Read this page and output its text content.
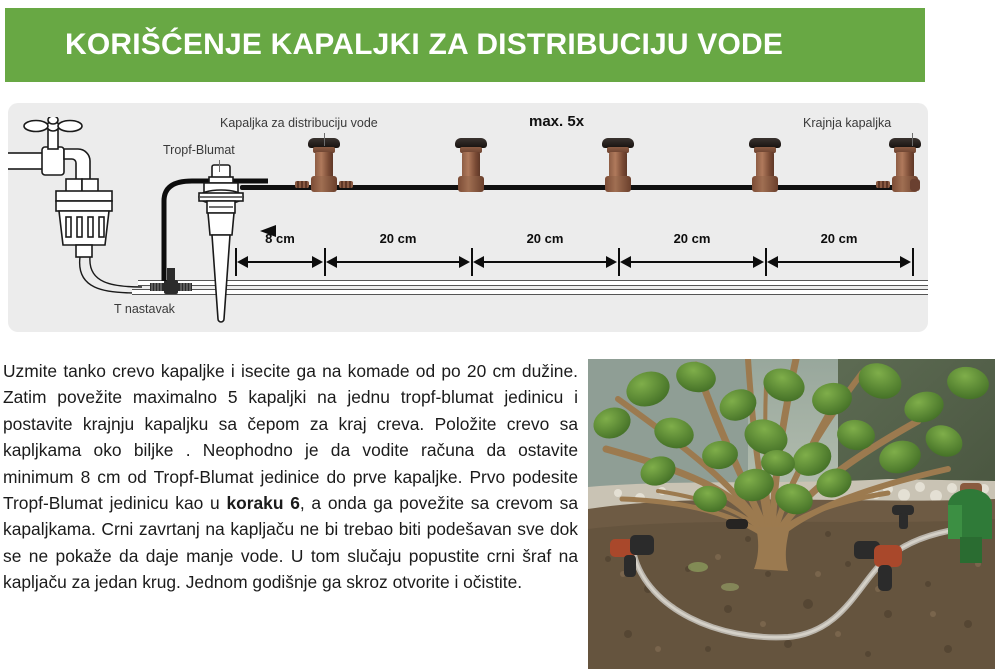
KORIŠĆENJE KAPALJKI ZA DISTRIBUCIJU VODE
T nastavak
Tropf-Blumat
Kapaljka za distribuciju vode	max. 5x	Krajnja kapaljka
8 cm	20 cm	20 cm	20 cm	20 cm
Uzmite tanko crevo kapaljke i isecite ga na komade od po 20 cm dužine. Zatim povežite maximalno 5 kapaljki na jednu tropf-blumat jedinicu i postavite krajnju kapaljku sa čepom za kraj creva. Položite crevo sa kapljkama oko biljke . Neophodno je da vodite računa da ostavite minimum 8 cm od Tropf-Blumat jedinice do prve kapaljke. Prvo podesite Tropf-Blumat jedinicu kao u koraku 6, a onda ga povežite sa crevom sa kapaljkama. Crni zavrtanj na kapljaču ne bi trebao biti podešavan sve dok se ne pokaže da daje manje vode. U tom slučaju popustite crni šraf na kapljaču za jedan krug. Jednom godišnje ga skroz otvorite i očistite.
